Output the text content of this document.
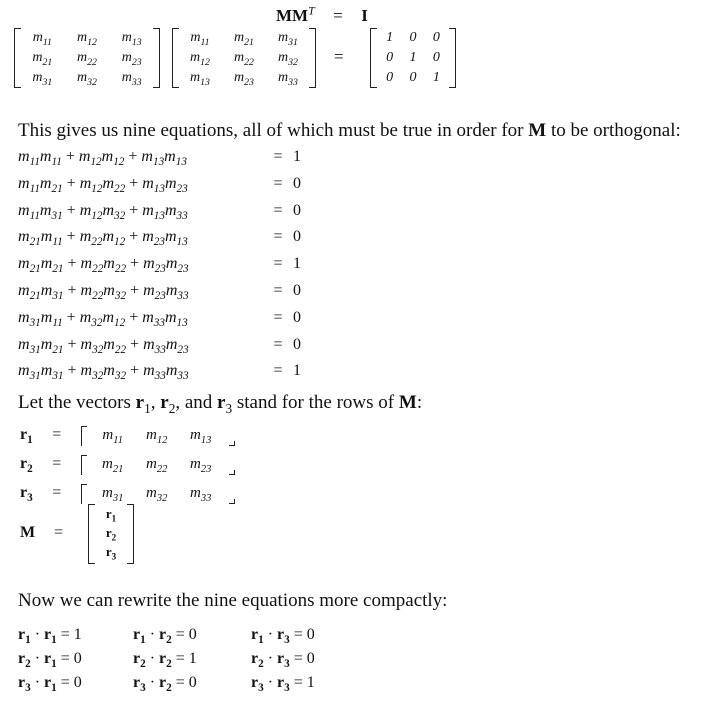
$MM^T = I$
$m_{11}$	$m_{12}$	$m_{13}$
$m_{21}$	$m_{22}$	$m_{23}$
$m_{31}$	$m_{32}$	$m_{33}$
$m_{11}$	$m_{21}$	$m_{31}$
$m_{12}$	$m_{22}$	$m_{32}$
$m_{13}$	$m_{23}$	$m_{33}$
=
1	0	0
0	1	0
0	0	1
This gives us nine equations, all of which must be true in order for M to be orthogonal:
$m_{11}m_{11} + m_{12}m_{12} + m_{13}m_{13}$	= 1
$m_{11}m_{21} + m_{12}m_{22} + m_{13}m_{23}$	= 0
$m_{11}m_{31} + m_{12}m_{32} + m_{13}m_{33}$	= 0
$m_{21}m_{11} + m_{22}m_{12} + m_{23}m_{13}$	= 0
$m_{21}m_{21} + m_{22}m_{22} + m_{23}m_{23}$	= 1
$m_{21}m_{31} + m_{22}m_{32} + m_{23}m_{33}$	= 0
$m_{31}m_{11} + m_{32}m_{12} + m_{33}m_{13}$	= 0
$m_{31}m_{21} + m_{32}m_{22} + m_{33}m_{23}$	= 0
$m_{31}m_{31} + m_{32}m_{32} + m_{33}m_{33}$	= 1
Let the vectors $r_1$, $r_2$, and $r_3$ stand for the rows of M:
$r_1$ =	$m_{11}$ $m_{12}$ $m_{13}$
$r_2$ =	$m_{21}$ $m_{22}$ $m_{23}$
$r_3$ =	$m_{31}$ $m_{32}$ $m_{33}$
M =
$r_1$
$r_2$
$r_3$
Now we can rewrite the nine equations more compactly:
$r_1 \cdot r_1 = 1$	$r_1 \cdot r_2 = 0$	$r_1 \cdot r_3 = 0$
$r_2 \cdot r_1 = 0$	$r_2 \cdot r_2 = 1$	$r_2 \cdot r_3 = 0$
$r_3 \cdot r_1 = 0$	$r_3 \cdot r_2 = 0$	$r_3 \cdot r_3 = 1$
